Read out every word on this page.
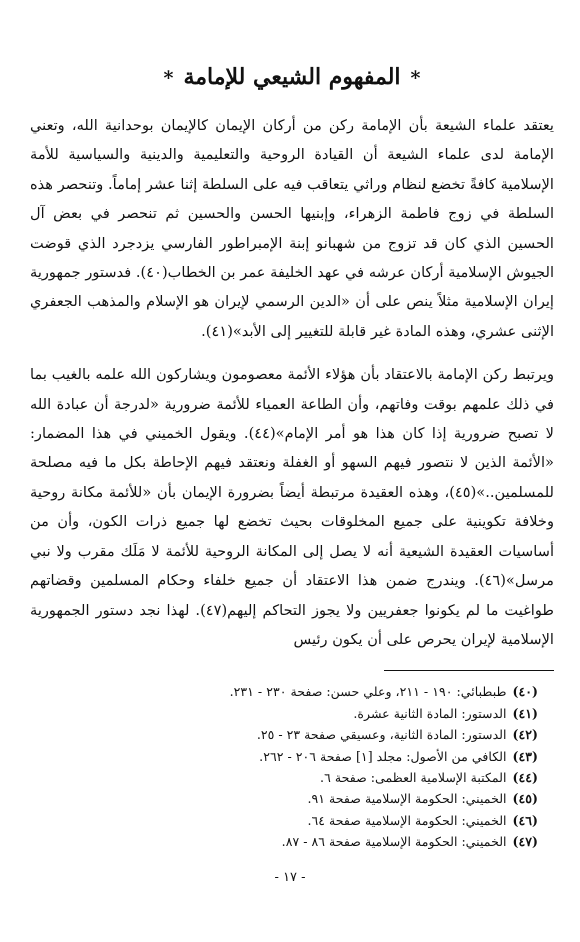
*المفهوم الشيعي للإمامة*

يعتقد علماء الشيعة بأن الإمامة ركن من أركان الإيمان كالإيمان بوحدانية الله، وتعني الإمامة لدى علماء الشيعة أن القيادة الروحية والتعليمية والدينية والسياسية للأمة الإسلامية كافةً تخضع لنظام وراثي يتعاقب فيه على السلطة إثنا عشر إماماً. وتنحصر هذه السلطة في زوج فاطمة الزهراء، وإبنيها الحسن والحسين ثم تنحصر في بعض آل الحسين الذي كان قد تزوج من شهبانو إبنة الإمبراطور الفارسي يزدجرد الذي قوضت الجيوش الإسلامية أركان عرشه في عهد الخليفة عمر بن الخطاب(٤٠). فدستور جمهورية إيران الإسلامية مثلاً ينص على أن «الدين الرسمي لإيران هو الإسلام والمذهب الجعفري الإثنى عشري، وهذه المادة غير قابلة للتغيير إلى الأبد»(٤١).

ويرتبط ركن الإمامة بالاعتقاد بأن هؤلاء الأئمة معصومون ويشاركون الله علمه بالغيب بما في ذلك علمهم بوقت وفاتهم، وأن الطاعة العمياء للأئمة ضرورية «لدرجة أن عبادة الله لا تصبح ضرورية إذا كان هذا هو أمر الإمام»(٤٤). ويقول الخميني في هذا المضمار: «الأئمة الذين لا نتصور فيهم السهو أو الغفلة ونعتقد فيهم الإحاطة بكل ما فيه مصلحة للمسلمين..»(٤٥)، وهذه العقيدة مرتبطة أيضاً بضرورة الإيمان بأن «للأئمة مكانة روحية وخلافة تكوينية على جميع المخلوقات بحيث تخضع لها جميع ذرات الكون، وأن من أساسيات العقيدة الشيعية أنه لا يصل إلى المكانة الروحية للأئمة لا مَلَك مقرب ولا نبي مرسل»(٤٦). ويندرج ضمن هذا الاعتقاد أن جميع خلفاء وحكام المسلمين وقضاتهم طواغيت ما لم يكونوا جعفريين ولا يجوز التحاكم إليهم(٤٧). لهذا نجد دستور الجمهورية الإسلامية لإيران يحرص على أن يكون رئيس

(٤٠)طبطبائي: ١٩٠ - ٢١١، وعلي حسن: صفحة ٢٣٠ - ٢٣١.
(٤١)الدستور: المادة الثانية عشرة.
(٤٢)الدستور: المادة الثانية، وعسيقي صفحة ٢٣ - ٢٥.
(٤٣)الكافي من الأصول: مجلد [١] صفحة ٢٠٦ - ٢٦٢.
(٤٤)المكتبة الإسلامية العظمى: صفحة ٦.
(٤٥)الخميني: الحكومة الإسلامية صفحة ٩١.
(٤٦)الخميني: الحكومة الإسلامية صفحة ٦٤.
(٤٧)الخميني: الحكومة الإسلامية صفحة ٨٦ - ٨٧.
- ١٧ -
